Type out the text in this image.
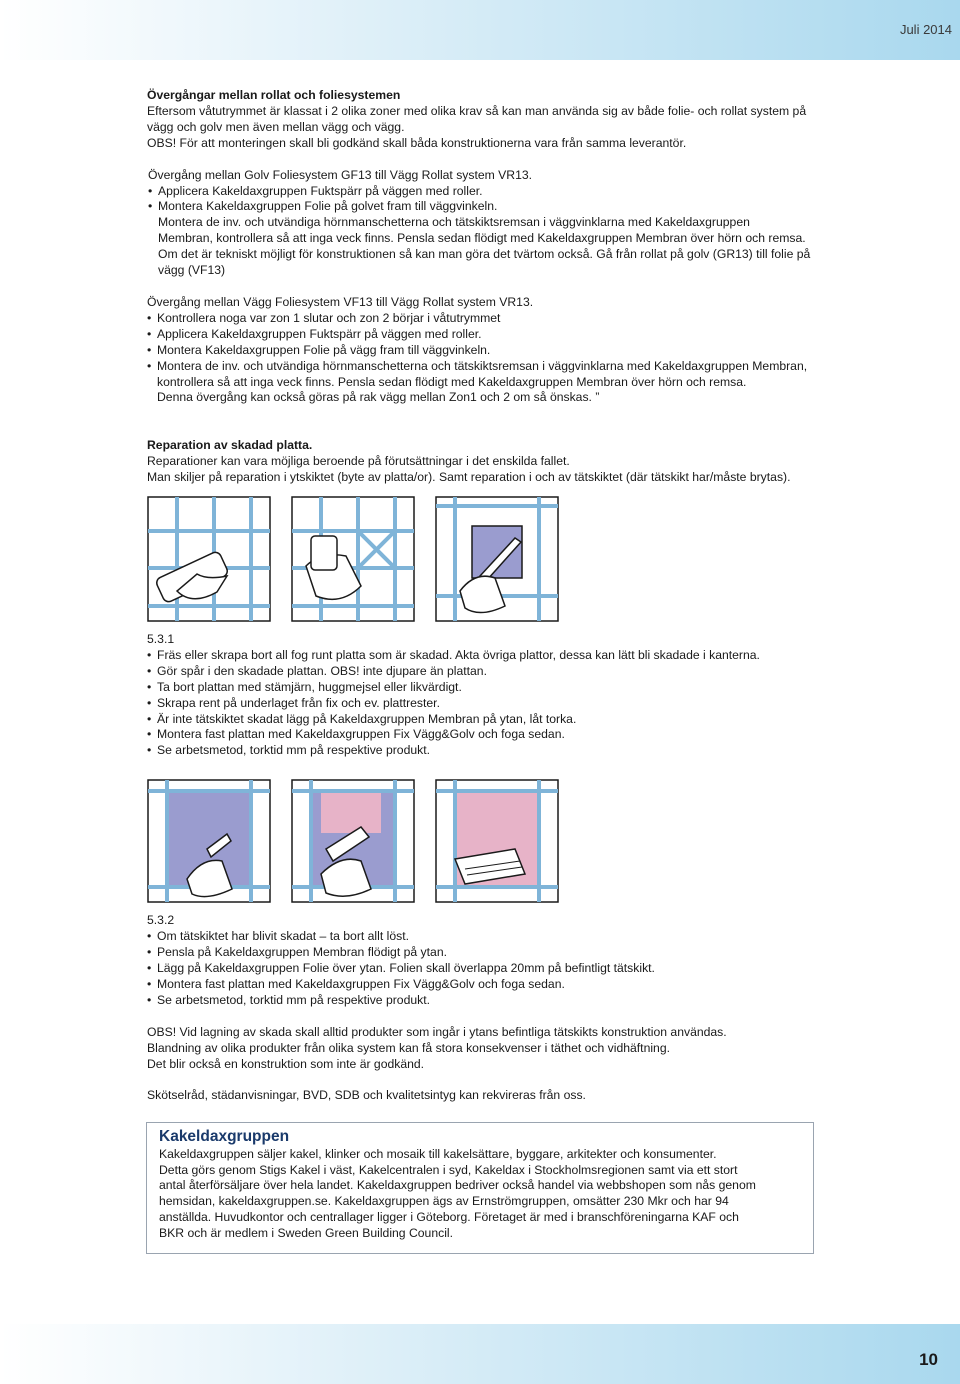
Juli 2014

Övergångar mellan rollat och foliesystemen

Eftersom våtutrymmet är klassat i 2 olika zoner med olika krav så kan man använda sig av både folie- och rollat system på

vägg och golv men även mellan vägg och vägg.

OBS! För att monteringen skall bli godkänd skall båda konstruktionerna vara från samma leverantör.

Övergång mellan Golv Foliesystem GF13 till Vägg Rollat system VR13.

• Applicera Kakeldaxgruppen Fuktspärr på väggen med roller.

• Montera Kakeldaxgruppen Folie på golvet fram till väggvinkeln.

Montera de inv. och utvändiga hörnmanschetterna och tätskiktsremsan i väggvinklarna med Kakeldaxgruppen

Membran, kontrollera så att inga veck finns. Pensla sedan flödigt med Kakeldaxgruppen Membran över hörn och remsa.

Om det är tekniskt möjligt för konstruktionen så kan man göra det tvärtom också. Gå från rollat på golv (GR13) till folie på

vägg (VF13)

Övergång mellan Vägg Foliesystem VF13 till Vägg Rollat system VR13.

• Kontrollera noga var zon 1 slutar och zon 2 börjar i våtutrymmet

• Applicera Kakeldaxgruppen Fuktspärr på väggen med roller.

• Montera Kakeldaxgruppen Folie på vägg fram till väggvinkeln.

• Montera de inv. och utvändiga hörnmanschetterna och tätskiktsremsan i väggvinklarna med Kakeldaxgruppen Membran,

kontrollera så att inga veck finns. Pensla sedan flödigt med Kakeldaxgruppen Membran över hörn och remsa.

Denna övergång kan också göras på rak vägg mellan Zon1 och 2 om så önskas. ”

Reparation av skadad platta.

Reparationer kan vara möjliga beroende på förutsättningar i det enskilda fallet.

Man skiljer på reparation i ytskiktet (byte av platta/or). Samt reparation i och av tätskiktet (där tätskikt har/måste brytas).

5.3.1

• Fräs eller skrapa bort all fog runt platta som är skadad. Akta övriga plattor, dessa kan lätt bli skadade i kanterna.

• Gör spår i den skadade plattan. OBS! inte djupare än plattan.

• Ta bort plattan med stämjärn, huggmejsel eller likvärdigt.

• Skrapa rent på underlaget från fix och ev. plattrester.

• Är inte tätskiktet skadat lägg på Kakeldaxgruppen Membran på ytan, låt torka.

• Montera fast plattan med Kakeldaxgruppen Fix Vägg&Golv och foga sedan.

• Se arbetsmetod, torktid mm på respektive produkt.

5.3.2

• Om tätskiktet har blivit skadat – ta bort allt löst.

• Pensla på Kakeldaxgruppen Membran flödigt på ytan.

• Lägg på Kakeldaxgruppen Folie över ytan. Folien skall överlappa 20mm på befintligt tätskikt.

• Montera fast plattan med Kakeldaxgruppen Fix Vägg&Golv och foga sedan.

• Se arbetsmetod, torktid mm på respektive produkt.

OBS! Vid lagning av skada skall alltid produkter som ingår i ytans befintliga tätskikts konstruktion användas.

Blandning av olika produkter från olika system kan få stora konsekvenser i täthet och vidhäftning.

Det blir också en konstruktion som inte är godkänd.

Skötselråd, städanvisningar, BVD, SDB och kvalitetsintyg kan rekvireras från oss.

Kakeldaxgruppen

Kakeldaxgruppen säljer kakel, klinker och mosaik till kakelsättare, byggare, arkitekter och konsumenter.

Detta görs genom Stigs Kakel i väst, Kakelcentralen i syd, Kakeldax i Stockholmsregionen samt via ett stort

antal återförsäljare över hela landet. Kakeldaxgruppen bedriver också handel via webbshopen som nås genom

hemsidan, kakeldaxgruppen.se. Kakeldaxgruppen ägs av Ernströmgruppen, omsätter 230 Mkr och har 94

anställda. Huvudkontor och centrallager ligger i Göteborg. Företaget är med i branschföreningarna KAF och

BKR och är medlem i Sweden Green Building Council.

10
